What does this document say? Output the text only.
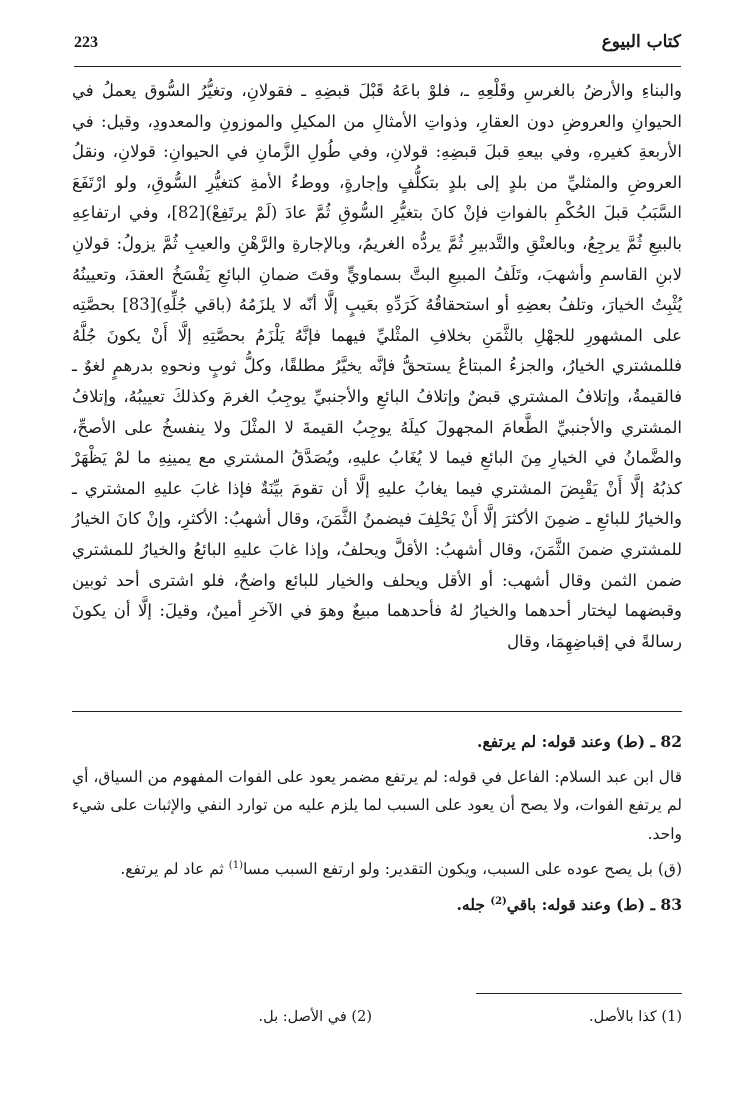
223	كتاب البيوع

والبناءِ والأرضُ بالغرسِ وقَلْعِهِ ـ، فلوْ باعَهُ قَبْلَ قبضِهِ ـ فقولانِ، وتغيُّرُ السُّوق يعملُ في الحيوانِ والعروضِ دون العقارِ، وذواتِ الأمثالِ من المكيلِ والموزونِ والمعدودِ، وقيل: في الأربعةِ كغيرهِ، وفي بيعهِ قبلَ قبضِهِ: قولانِ، وفي طُولِ الزَّمانِ في الحيوانِ: قولانِ، ونقلُ العروضِ والمثليِّ من بلدٍ إلى بلدٍ بتكلُّفٍ وإجارةٍ، ووطءُ الأمةِ كتغيُّرِ السُّوقِ، ولو ارْتَفَعَ السَّبَبُ قبلَ الحُكْمِ بالفواتِ فإنْ كانَ بتغيُّرِ السُّوقِ ثُمَّ عادَ (لَمْ يرتَفِعْ)[82]، وفي ارتفاعِهِ بالبيعِ ثُمَّ يرجِعُ، وبالعتْقِ والتَّدبيرِ ثُمَّ يردُّه الغريمُ، وبالإجارةِ والرَّهْنِ والعيبِ ثُمَّ يزولُ: قولانِ لابنِ القاسمِ وأشهبَ، وتَلَفُ المبيعِ البتَّ بسماويٍّ وقتَ ضمانِ البائعِ يَفْسَخُ العقدَ، وتعيينُهُ يُثْبِتُ الخيارَ، وتلفُ بعضِهِ أو استحقاقُهُ كَرَدِّهِ بعَيبٍ إلَّا أنّه لا يلزَمُهُ (باقي جُلِّهِ)[83] بحصَّتِه على المشهورِ للجهْلِ بالثَّمَنِ بخلافِ المثْليِّ فيهما فإنَّهُ يَلْزَمُ بحصَّتِهِ إلَّا أَنْ يكونَ جُلَّهُ فللمشتري الخيارُ، والجزءُ المبتاعُ يستحقُّ فإنَّه يخيَّرُ مطلقًا، وكلُّ ثوبٍ ونحوهِ بدرهمٍ لغوٌ ـ فالقيمةُ، وإتلافُ المشتري قبضٌ وإتلافُ البائعِ والأجنبيِّ يوجِبُ الغرمَ وكذلكَ تعييبُهُ، وإتلافُ المشتري والأجنبيِّ الطَّعامَ المجهولَ كيلَهُ يوجِبُ القيمةَ لا المثْلَ ولا ينفسخُ على الأصحِّ، والضَّمانُ في الخيارِ مِنَ البائعِ فيما لا يُغَابُ عليهِ، ويُصَدَّقُ المشتري مع يمينِهِ ما لمْ يَظْهَرْ كذبُهُ إلَّا أَنْ يَقْبِضَ المشتري فيما يغابُ عليهِ إلَّا أن تقومَ بيِّنَةٌ فإذا غابَ عليهِ المشتري ـ والخيارُ للبائعِ ـ ضمِنَ الأكثرَ إلَّا أَنْ يَحْلِفَ فيضمنُ الثَّمَنَ، وقال أشهبُ: الأكثرِ، وإنْ كانَ الخيارُ للمشتري ضمنَ الثَّمَنَ، وقال أشهبُ: الأقلَّ ويحلفُ، وإذا غابَ عليهِ البائعُ والخيارُ للمشتري ضمن الثمن وقال أشهب: أو الأقل ويحلف والخيار للبائع واضحٌ، فلو اشترى أحد ثوبين وقبضهما ليختار أحدهما والخيارُ لهُ فأحدهما مبيعٌ وهوَ في الآخرِ أمينٌ، وقيلَ: إلَّا أن يكونَ رسالةً في إقباضِهِمَا، وقال

82 ـ (ط) وعند قوله: لم يرتفع.

قال ابن عبد السلام: الفاعل في قوله: لم يرتفع مضمر يعود على الفوات المفهوم من السياق، أي لم يرتفع الفوات، ولا يصح أن يعود على السبب لما يلزم عليه من توارد النفي والإثبات على شيء واحد.

(ق) بل يصح عوده على السبب، ويكون التقدير: ولو ارتفع السبب مسا$^{(1)}$ ثم عاد لم يرتفع.

83 ـ (ط) وعند قوله: باقي$^{(2)}$ جله.

(1) كذا بالأصل.
(2) في الأصل: بل.
